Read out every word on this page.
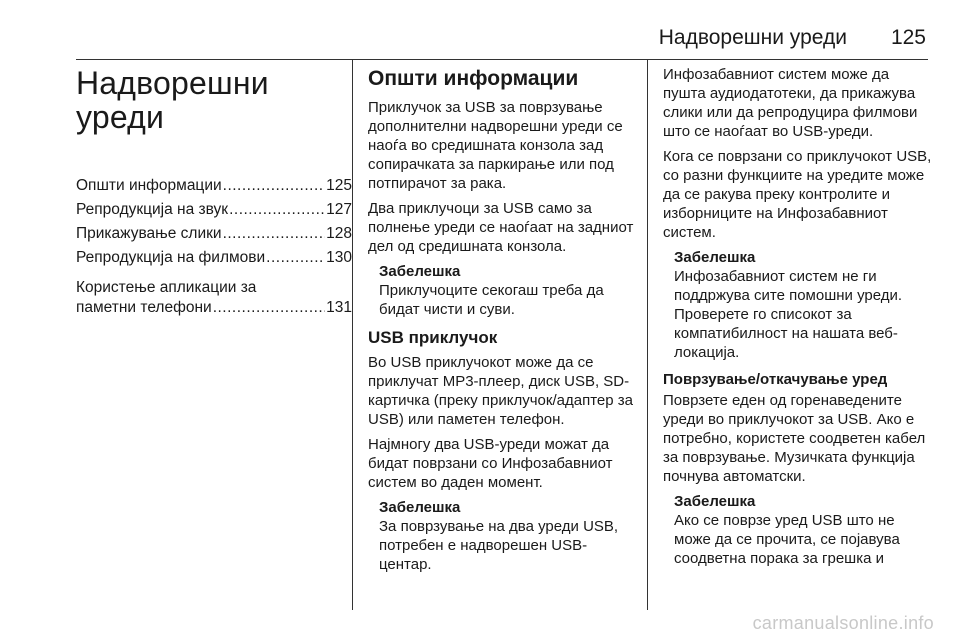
Надворешни уреди 125
Надворешни
уреди
Општи информации .....	125
Репродукција на звук .....	127
Прикажување слики .....	128
Репродукција на филмови .....	130
Користење апликации за
паметни телефони .....	131
Општи информации

Приклучок за USB за поврзување дополнителни надворешни уреди се наоѓа во средишната конзола зад сопирачката за паркирање или под потпирачот за рака.

Два приклучоци за USB само за полнење уреди се наоѓаат на задниот дел од средишната конзола.

Забелешка

Приклучоците секогаш треба да бидат чисти и суви.

USB приклучок

Во USB приклучокот може да се приклучат MP3-плеер, диск USB, SD-картичка (преку приклучок/адаптер за USB) или паметен телефон.

Најмногу два USB-уреди можат да бидат поврзани со Инфозабавниот систем во даден момент.

Забелешка

За поврзување на два уреди USB, потребен е надворешен USB-центар.

Инфозабавниот систем може да пушта аудиодатотеки, да прикажува слики или да репродуцира филмови што се наоѓаат во USB-уреди.

Кога се поврзани со приклучокот USB, со разни функциите на уредите може да се ракува преку контролите и изборниците на Инфозабавниот систем.

Забелешка

Инфозабавниот систем не ги поддржува сите помошни уреди. Проверете го списокот за компатибилност на нашата веб-локација.

Поврзување/откачување уред

Поврзете еден од горенаведените уреди во приклучокот за USB. Ако е потребно, користете соодветен кабел за поврзување. Музичката функција почнува автоматски.

Забелешка

Ако се поврзе уред USB што не може да се прочита, се појавува соодветна порака за грешка и

carmanualsonline.info
